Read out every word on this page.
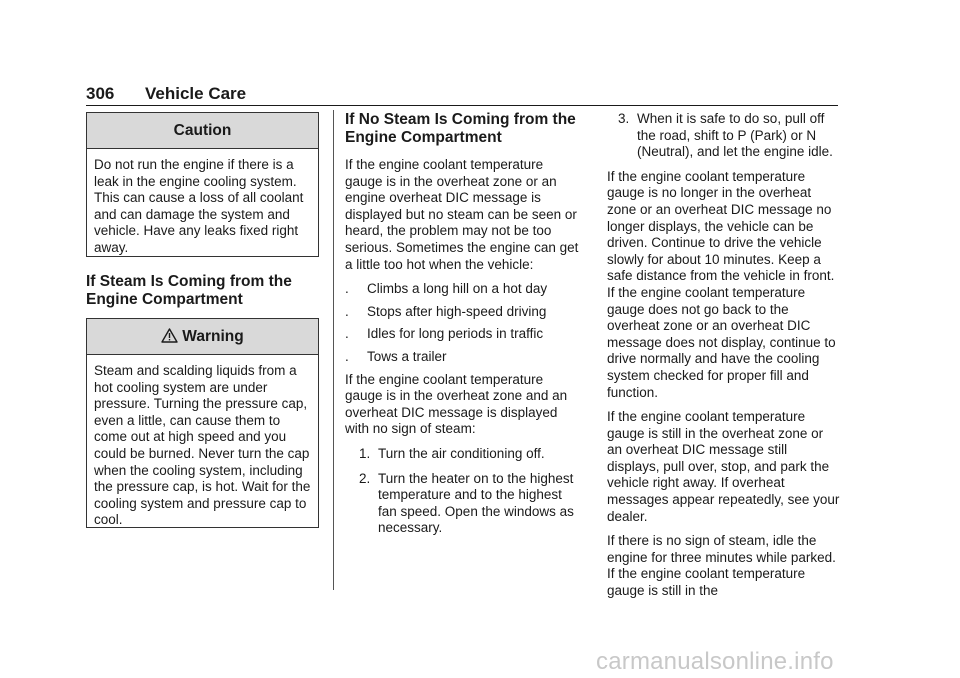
306 Vehicle Care
Caution
Do not run the engine if there is a leak in the engine cooling system. This can cause a loss of all coolant and can damage the system and vehicle. Have any leaks fixed right away.
If Steam Is Coming from the Engine Compartment
Warning
Steam and scalding liquids from a hot cooling system are under pressure. Turning the pressure cap, even a little, can cause them to come out at high speed and you could be burned. Never turn the cap when the cooling system, including the pressure cap, is hot. Wait for the cooling system and pressure cap to cool.
If No Steam Is Coming from the Engine Compartment
If the engine coolant temperature gauge is in the overheat zone or an engine overheat DIC message is displayed but no steam can be seen or heard, the problem may not be too serious. Sometimes the engine can get a little too hot when the vehicle:
. Climbs a long hill on a hot day
. Stops after high-speed driving
. Idles for long periods in traffic
. Tows a trailer
If the engine coolant temperature gauge is in the overheat zone and an overheat DIC message is displayed with no sign of steam:
1. Turn the air conditioning off.
2. Turn the heater on to the highest temperature and to the highest fan speed. Open the windows as necessary.
3. When it is safe to do so, pull off the road, shift to P (Park) or N (Neutral), and let the engine idle.
If the engine coolant temperature gauge is no longer in the overheat zone or an overheat DIC message no longer displays, the vehicle can be driven. Continue to drive the vehicle slowly for about 10 minutes. Keep a safe distance from the vehicle in front. If the engine coolant temperature gauge does not go back to the overheat zone or an overheat DIC message does not display, continue to drive normally and have the cooling system checked for proper fill and function.
If the engine coolant temperature gauge is still in the overheat zone or an overheat DIC message still displays, pull over, stop, and park the vehicle right away. If overheat messages appear repeatedly, see your dealer.
If there is no sign of steam, idle the engine for three minutes while parked. If the engine coolant temperature gauge is still in the
carmanualsonline.info
